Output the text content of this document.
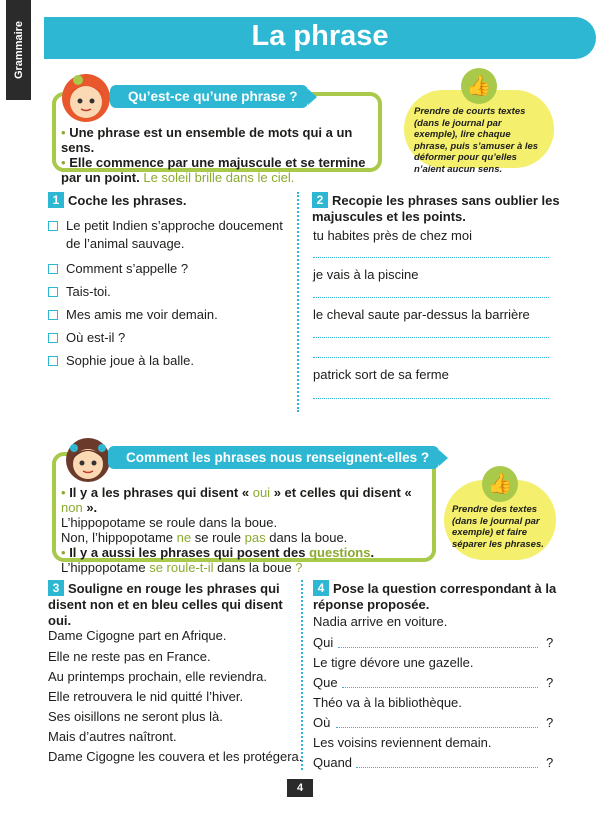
Grammaire	La phrase
Qu’est-ce qu’une phrase ?
• Une phrase est un ensemble de mots qui a un sens.
• Elle commence par une majuscule et se termine par un point. Le soleil brille dans le ciel.
👍
Prendre de courts textes (dans le journal par exemple), lire chaque phrase, puis s’amuser à les déformer pour qu’elles n’aient aucun sens.
1 Coche les phrases.
Le petit Indien s’approche doucement
de l’animal sauvage.
Comment s’appelle ?
Tais-toi.
Mes amis me voir demain.
Où est-il ?
Sophie joue à la balle.
2 Recopie les phrases sans oublier les
majuscules et les points.
tu habites près de chez moi
je vais à la piscine
le cheval saute par-dessus la barrière
patrick sort de sa ferme
Comment les phrases nous renseignent-elles ?
• Il y a les phrases qui disent « oui » et celles qui disent « non ».
L’hippopotame se roule dans la boue.
Non, l’hippopotame ne se roule pas dans la boue.
• Il y a aussi les phrases qui posent des questions.
L’hippopotame se roule-t-il dans la boue ?
👍
Prendre des textes (dans le journal par exemple) et faire séparer les phrases.
3 Souligne en rouge les phrases qui
disent non et en bleu celles qui disent
oui.
Dame Cigogne part en Afrique.
Elle ne reste pas en France.
Au printemps prochain, elle reviendra.
Elle retrouvera le nid quitté l’hiver.
Ses oisillons ne seront plus là.
Mais d’autres naîtront.
Dame Cigogne les couvera et les protégera.
4 Pose la question correspondant à la
réponse proposée.
Nadia arrive en voiture.
Qui	?
Le tigre dévore une gazelle.
Que	?
Théo va à la bibliothèque.
Où	?
Les voisins reviennent demain.
Quand	?
4
